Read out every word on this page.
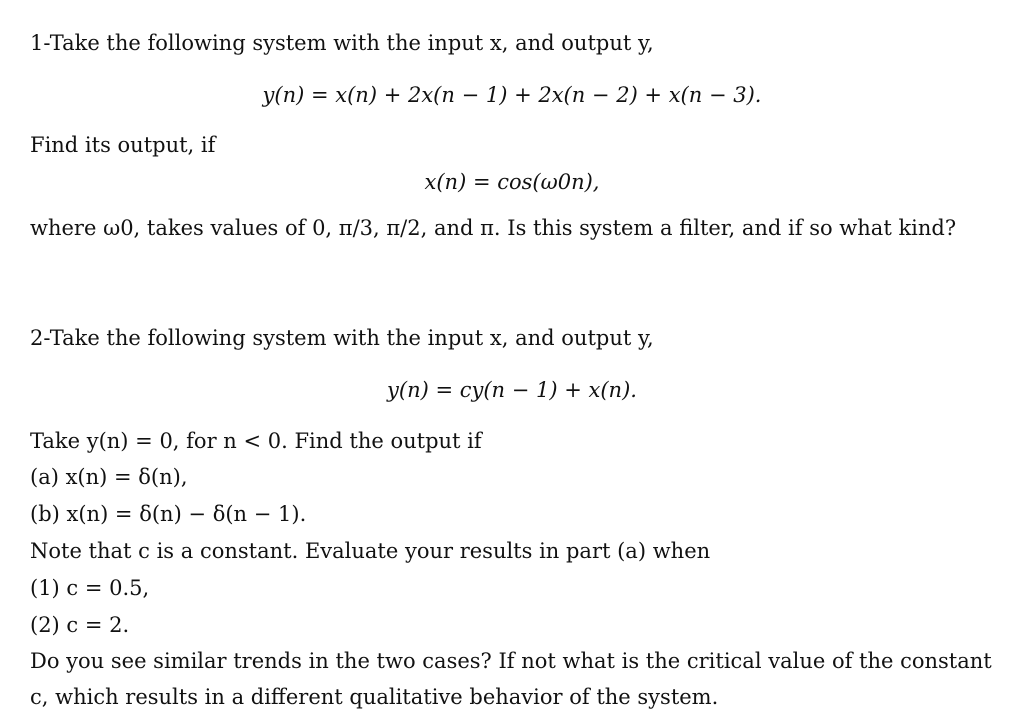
1-Take the following system with the input x, and output y,
y(n) = x(n) + 2x(n − 1) + 2x(n − 2) + x(n − 3).
Find its output, if
x(n) = cos(ω0n),
where ω0, takes values of 0, π/3, π/2, and π. Is this system a filter, and if so what kind?
2-Take the following system with the input x, and output y,
y(n) = cy(n − 1) + x(n).
Take y(n) = 0, for n < 0. Find the output if
(a) x(n) = δ(n),
(b) x(n) = δ(n) − δ(n − 1).
Note that c is a constant. Evaluate your results in part (a) when
(1) c = 0.5,
(2) c = 2.
Do you see similar trends in the two cases? If not what is the critical value of the constant
c, which results in a different qualitative behavior of the system.
